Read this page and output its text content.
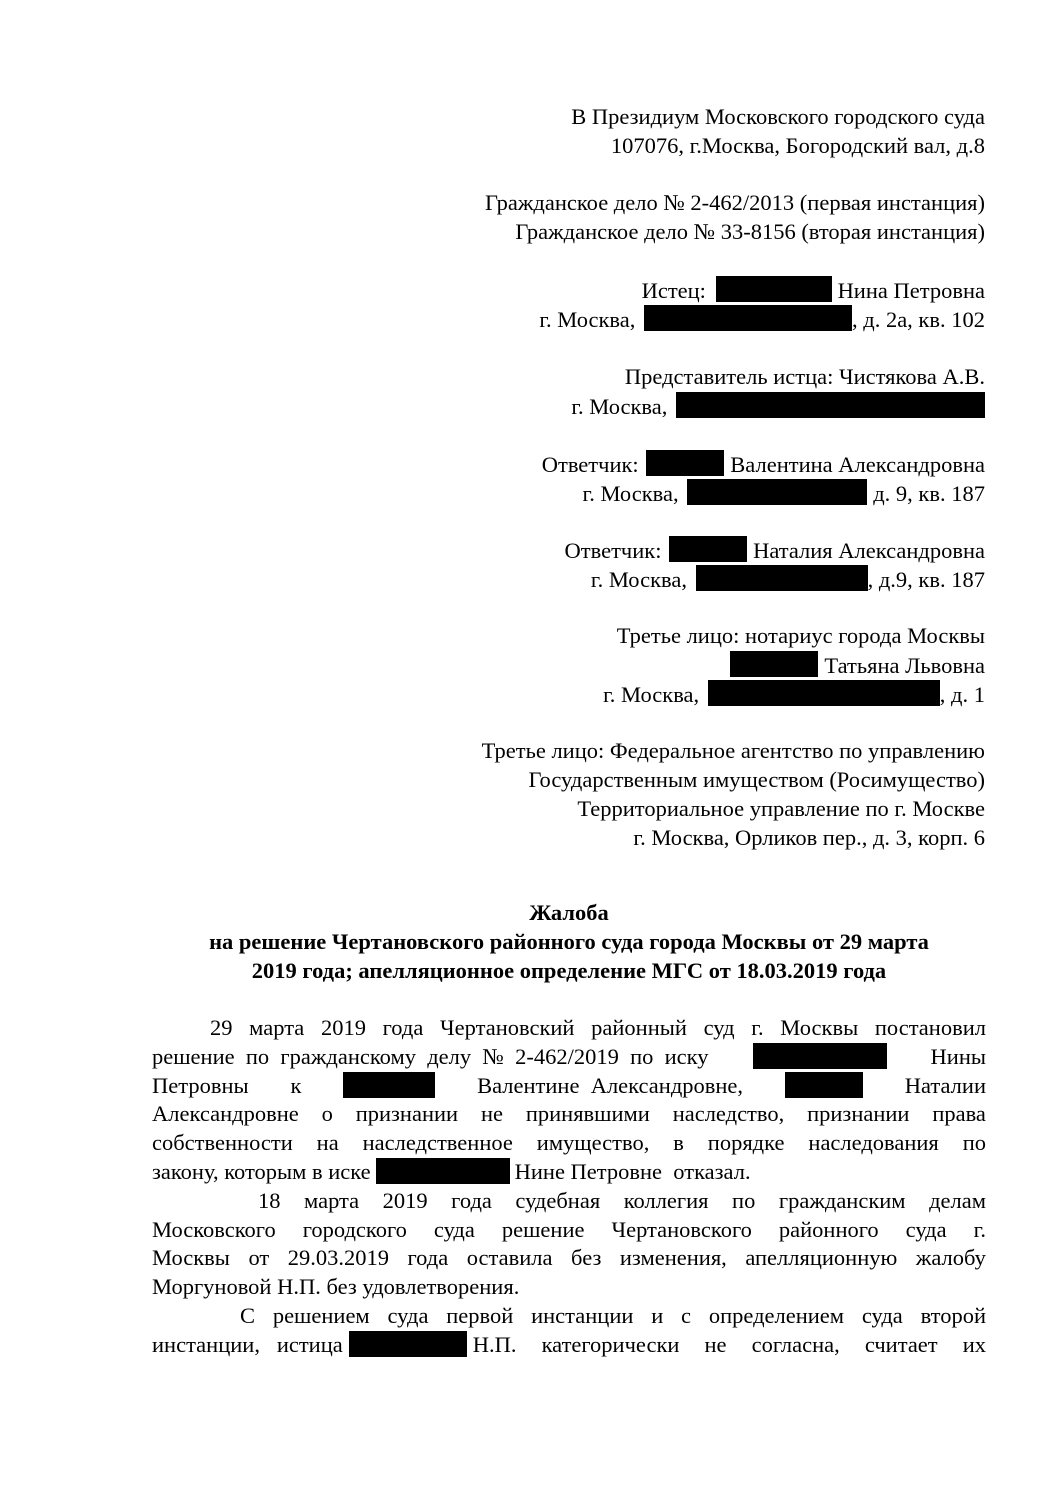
В Президиум Московского городского суда
107076, г.Москва, Богородский вал, д.8
Гражданское дело № 2-462/2013 (первая инстанция)
Гражданское дело № 33-8156 (вторая инстанция)
Истец:	Нина Петровна
г. Москва,	, д. 2а, кв. 102
Представитель истца: Чистякова А.В.
г. Москва,
Ответчик:	Валентина Александровна
г. Москва,	д. 9, кв. 187
Ответчик:	Наталия Александровна
г. Москва,	, д.9, кв. 187
Третье лицо: нотариус города Москвы
Татьяна Львовна
г. Москва,	, д. 1
Третье лицо: Федеральное агентство по управлению
Государственным имуществом (Росимущество)
Территориальное управление по г. Москве
г. Москва, Орликов пер., д. 3, корп. 6
Жалоба
на решение Чертановского районного суда города Москвы от 29 марта
2019 года; апелляционное определение МГС от 18.03.2019 года
29 марта 2019 года Чертановский районный суд г. Москвы постановил
решение  по  гражданскому  делу  №  2-462/2019  по  иску	Нины
Петровны к	Валентине  Александровне,	Наталии
Александровне о признании не принявшими наследство, признании права
собственности на наследственное имущество, в порядке наследования по
закону, которым в иске	Нине Петровне  отказал.
18 марта 2019 года судебная коллегия по гражданским делам
Московского городского суда решение Чертановского районного суда г.
Москвы от 29.03.2019 года оставила без изменения, апелляционную жалобу
Моргуновой Н.П. без удовлетворения.
С решением суда первой инстанции и с определением суда второй
инстанции,   истица	Н.П.  категорически  не  согласна,  считает  их
